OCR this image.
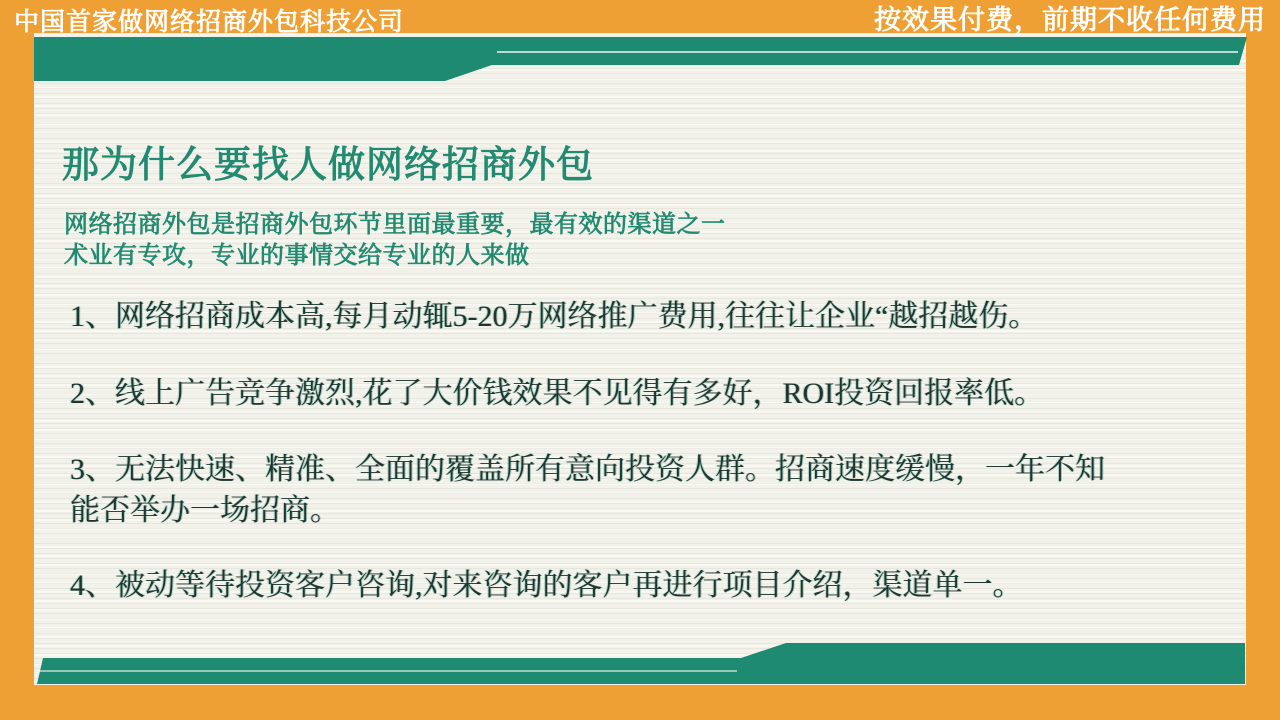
中国首家做网络招商外包科技公司
那为什么要找人做网络招商外包
网络招商外包是招商外包环节里面最重要，最有效的渠道之一
术业有专攻，专业的事情交给专业的人来做
1、网络招商成本高,每月动辄5-20万网络推广费用,往往让企业“越招越伤。
2、线上广告竞争激烈,花了大价钱效果不见得有多好，ROI投资回报率低。
3、无法快速、精准、全面的覆盖所有意向投资人群。招商速度缓慢，一年不知
能否举办一场招商。
4、被动等待投资客户咨询,对来咨询的客户再进行项目介绍，渠道单一。
按效果付费，前期不收任何费用
